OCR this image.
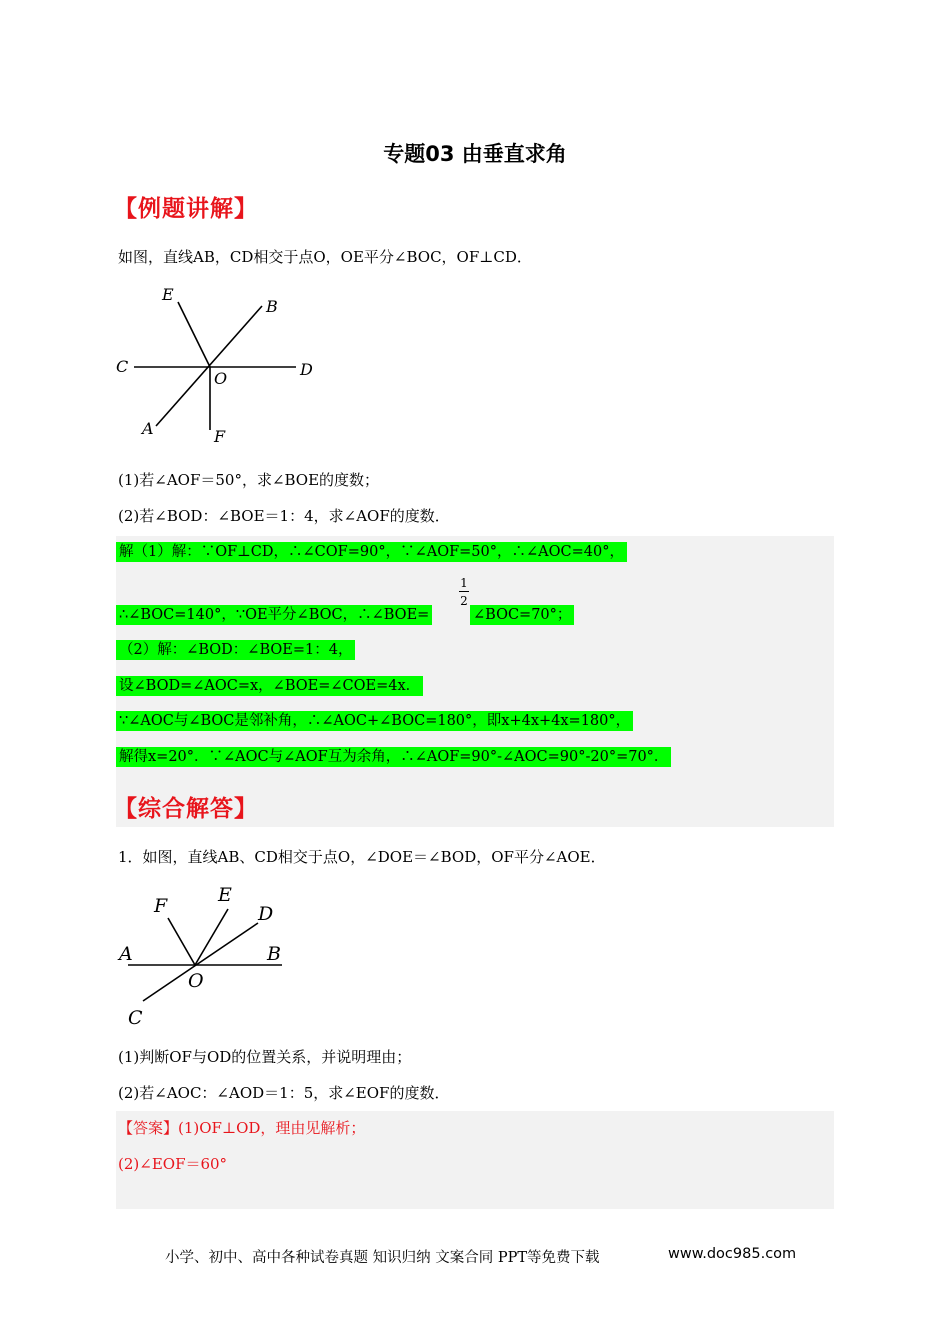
专题03 由垂直求角
【例题讲解】
如图，直线AB，CD相交于点O，OE平分∠BOC，OF⊥CD．
E
B
C
O	D
A	F
(1)若∠AOF＝50°，求∠BOE的度数；
(2)若∠BOD：∠BOE＝1：4，求∠AOF的度数．
解（1）解：∵OF⊥CD，∴∠COF=90°，∵∠AOF=50°，∴∠AOC=40°，
1
2
∴∠BOC=140°，∵OE平分∠BOC，∴∠BOE=	∠BOC=70°；
（2）解：∠BOD：∠BOE=1：4，
设∠BOD=∠AOC=x，∠BOE=∠COE=4x．
∵∠AOC与∠BOC是邻补角，∴∠AOC+∠BOC=180°，即x+4x+4x=180°，
解得x=20°．∵∠AOC与∠AOF互为余角，∴∠AOF=90°-∠AOC=90°-20°=70°．
【综合解答】
1．如图，直线AB、CD相交于点O，∠DOE＝∠BOD，OF平分∠AOE．
F	E
D
A	B
O
C
(1)判断OF与OD的位置关系，并说明理由；
(2)若∠AOC：∠AOD＝1：5，求∠EOF的度数．
【答案】(1)OF⊥OD，理由见解析；
(2)∠EOF＝60°
小学、初中、高中各种试卷真题 知识归纳 文案合同 PPT等免费下载	www.doc985.com
